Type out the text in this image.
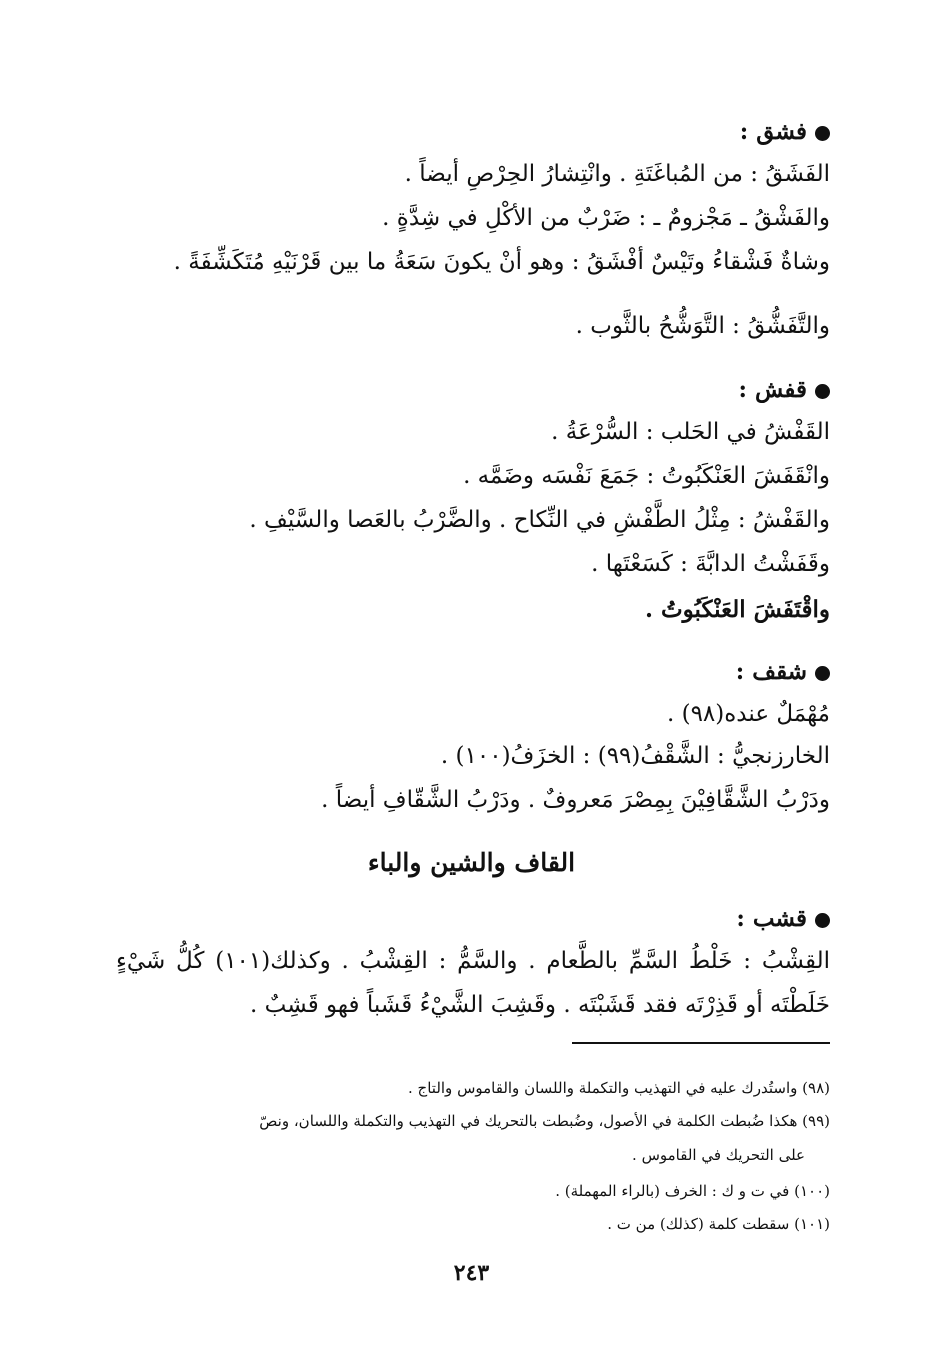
فشق :

الفَشَقُ : من المُباغَتَةِ . وانْتِشارُ الحِرْصِ أيضاً .

والفَشْقُ ـ مَجْزومٌ ـ : ضَرْبٌ من الأكْلِ في شِدَّةٍ .

وشاةٌ فَشْقاءُ وتَيْسٌ أفْشَقُ : وهو أنْ يكونَ سَعَةُ ما بين قَرْنَيْهِ مُتَكَشِّفَةً .

والتَّفَشُّقُ : التَّوَشُّحُ بالثَّوب .

قفش :

القَفْشُ في الحَلب : السُّرْعَةُ .

وانْقَفَشَ العَنْكَبُوتُ : جَمَعَ نَفْسَه وضَمَّه .

والقَفْشُ : مِثْلُ الطَّفْشِ في النِّكاح . والضَّرْبُ بالعَصا والسَّيْفِ .

وقَفَشْتُ الدابَّةَ : كَسَعْتَها .

واقْتَفَشَ العَنْكَبُوتُ .

شقف :

مُهْمَلٌ عنده(٩٨) .

الخارزنجيُّ : الشَّقْفُ(٩٩) : الخزَفُ(١٠٠) .

ودَرْبُ الشَّقَّافِيْنَ بِمِصْرَ مَعروفٌ . ودَرْبُ الشَّقّافِ أيضاً .

القاف والشين والباء

قشب :

القِشْبُ : خَلْطُ السَّمِّ بالطَّعام . والسَّمُّ : القِشْبُ . وكذلك(١٠١) كُلُّ شَيْءٍ

خَلَطْتَه أو قَذِرْتَه فقد قَشَبْتَه . وقَشِبَ الشَّيْءُ قَشَباً فهو قَشِبٌ .

(٩٨) واستُدرك عليه في التهذيب والتكملة واللسان والقاموس والتاج .

(٩٩) هكذا ضُبطت الكلمة في الأصول، وضُبطت بالتحريك في التهذيب والتكملة واللسان، ونصّ

على التحريك في القاموس .

(١٠٠) في ت و ك : الخرف (بالراء المهملة) .

(١٠١) سقطت كلمة (كذلك) من ت .

٢٤٣
